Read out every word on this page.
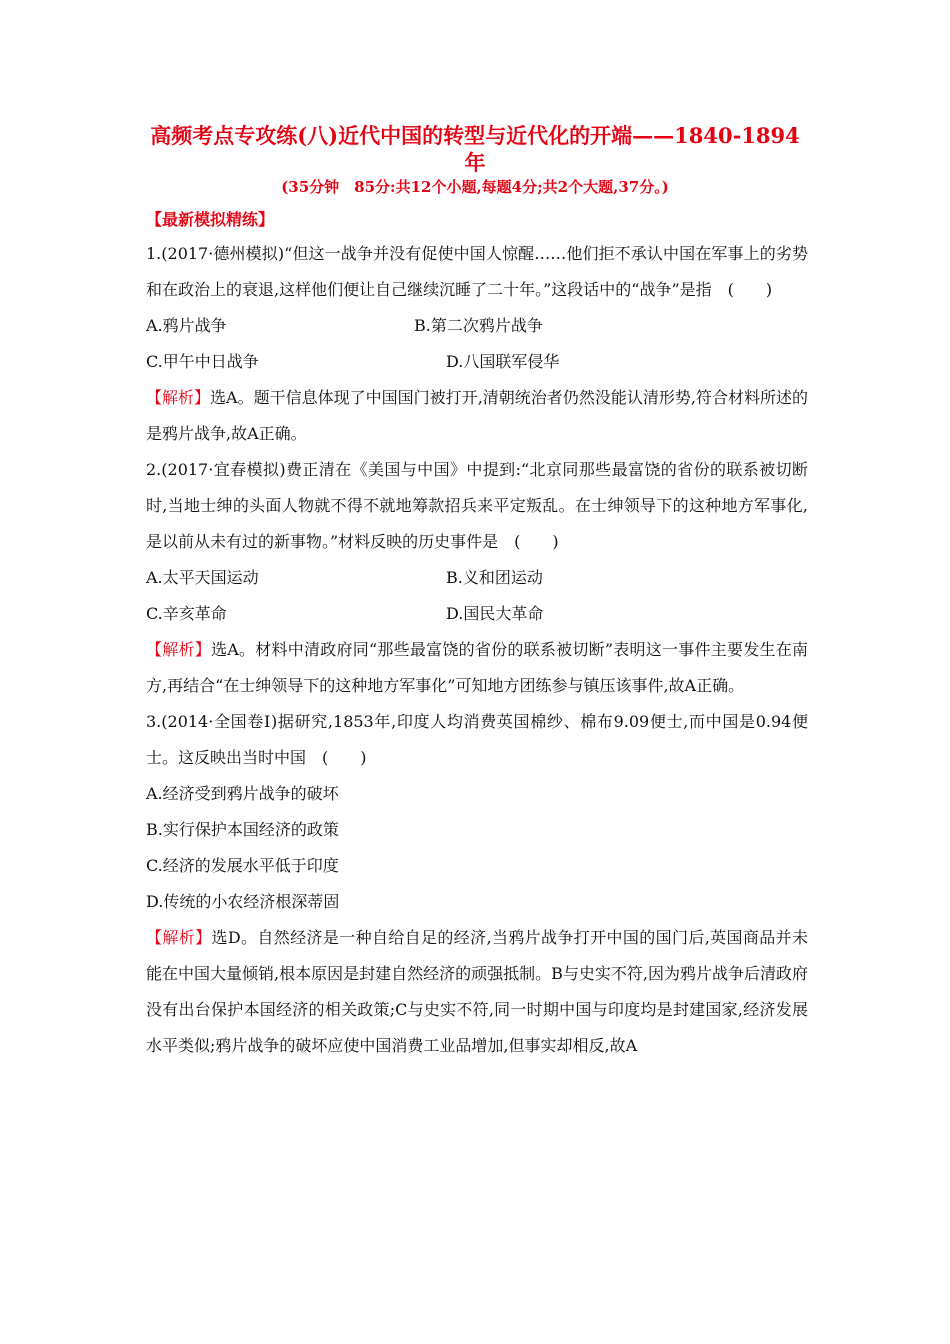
高频考点专攻练(八)近代中国的转型与近代化的开端——1840-1894年
(35分钟　85分:共12个小题,每题4分;共2个大题,37分。)
【最新模拟精练】

1.(2017·德州模拟)“但这一战争并没有促使中国人惊醒……他们拒不承认中国在军事上的劣势和在政治上的衰退,这样他们便让自己继续沉睡了二十年。”这段话中的“战争”是指　(　　)

A.鸦片战争	B.第二次鸦片战争
C.甲午中日战争	D.八国联军侵华

【解析】选A。题干信息体现了中国国门被打开,清朝统治者仍然没能认清形势,符合材料所述的是鸦片战争,故A正确。

2.(2017·宜春模拟)费正清在《美国与中国》中提到:“北京同那些最富饶的省份的联系被切断时,当地士绅的头面人物就不得不就地筹款招兵来平定叛乱。在士绅领导下的这种地方军事化,是以前从未有过的新事物。”材料反映的历史事件是　(　　)

A.太平天国运动	B.义和团运动
C.辛亥革命	D.国民大革命

【解析】选A。材料中清政府同“那些最富饶的省份的联系被切断”表明这一事件主要发生在南方,再结合“在士绅领导下的这种地方军事化”可知地方团练参与镇压该事件,故A正确。

3.(2014·全国卷Ⅰ)据研究,1853年,印度人均消费英国棉纱、棉布9.09便士,而中国是0.94便士。这反映出当时中国　(　　)

A.经济受到鸦片战争的破坏

B.实行保护本国经济的政策

C.经济的发展水平低于印度

D.传统的小农经济根深蒂固

【解析】选D。自然经济是一种自给自足的经济,当鸦片战争打开中国的国门后,英国商品并未能在中国大量倾销,根本原因是封建自然经济的顽强抵制。B与史实不符,因为鸦片战争后清政府没有出台保护本国经济的相关政策;C与史实不符,同一时期中国与印度均是封建国家,经济发展水平类似;鸦片战争的破坏应使中国消费工业品增加,但事实却相反,故A
